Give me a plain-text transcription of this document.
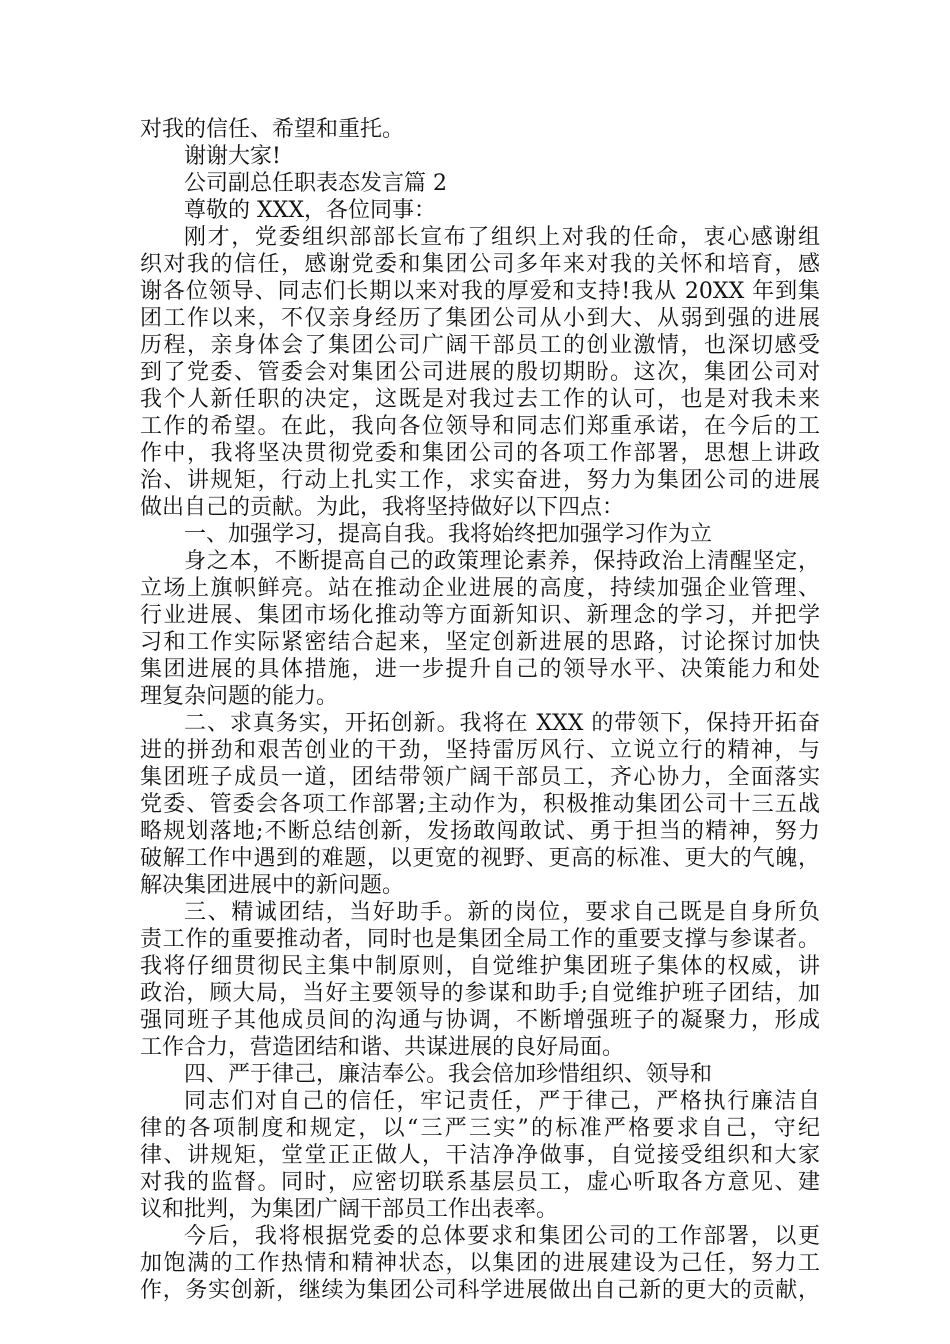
对我的信任、希望和重托。
谢谢大家!
公司副总任职表态发言篇 2
尊敬的 XXX，各位同事：
刚才，党委组织部部长宣布了组织上对我的任命，衷心感谢组
织对我的信任，感谢党委和集团公司多年来对我的关怀和培育，感
谢各位领导、同志们长期以来对我的厚爱和支持!我从 20XX 年到集
团工作以来，不仅亲身经历了集团公司从小到大、从弱到强的进展
历程，亲身体会了集团公司广阔干部员工的创业激情，也深切感受
到了党委、管委会对集团公司进展的殷切期盼。这次，集团公司对
我个人新任职的决定，这既是对我过去工作的认可，也是对我未来
工作的希望。在此，我向各位领导和同志们郑重承诺，在今后的工
作中，我将坚决贯彻党委和集团公司的各项工作部署，思想上讲政
治、讲规矩，行动上扎实工作，求实奋进，努力为集团公司的进展
做出自己的贡献。为此，我将坚持做好以下四点：
一、加强学习，提高自我。我将始终把加强学习作为立
身之本，不断提高自己的政策理论素养，保持政治上清醒坚定，
立场上旗帜鲜亮。站在推动企业进展的高度，持续加强企业管理、
行业进展、集团市场化推动等方面新知识、新理念的学习，并把学
习和工作实际紧密结合起来，坚定创新进展的思路，讨论探讨加快
集团进展的具体措施，进一步提升自己的领导水平、决策能力和处
理复杂问题的能力。
二、求真务实，开拓创新。我将在 XXX 的带领下，保持开拓奋
进的拼劲和艰苦创业的干劲，坚持雷厉风行、立说立行的精神，与
集团班子成员一道，团结带领广阔干部员工，齐心协力，全面落实
党委、管委会各项工作部署;主动作为，积极推动集团公司十三五战
略规划落地;不断总结创新，发扬敢闯敢试、勇于担当的精神，努力
破解工作中遇到的难题，以更宽的视野、更高的标准、更大的气魄，
解决集团进展中的新问题。
三、精诚团结，当好助手。新的岗位，要求自己既是自身所负
责工作的重要推动者，同时也是集团全局工作的重要支撑与参谋者。
我将仔细贯彻民主集中制原则，自觉维护集团班子集体的权威，讲
政治，顾大局，当好主要领导的参谋和助手;自觉维护班子团结，加
强同班子其他成员间的沟通与协调，不断增强班子的凝聚力，形成
工作合力，营造团结和谐、共谋进展的良好局面。
四、严于律己，廉洁奉公。我会倍加珍惜组织、领导和
同志们对自己的信任，牢记责任，严于律己，严格执行廉洁自
律的各项制度和规定，以“三严三实”的标准严格要求自己，守纪
律、讲规矩，堂堂正正做人，干洁净净做事，自觉接受组织和大家
对我的监督。同时，应密切联系基层员工，虚心听取各方意见、建
议和批判，为集团广阔干部员工作出表率。
今后，我将根据党委的总体要求和集团公司的工作部署，以更
加饱满的工作热情和精神状态，以集团的进展建设为己任，努力工
作，务实创新，继续为集团公司科学进展做出自己新的更大的贡献，
